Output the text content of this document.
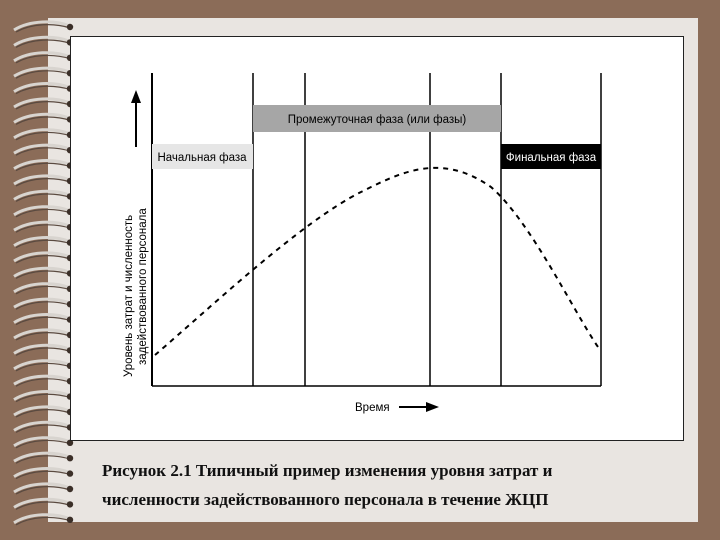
Промежуточная фаза (или фазы)
Начальная фаза	Финальная фаза
Уровень затрат и численность задействованного персонала
Время
Рисунок 2.1 Типичный пример изменения уровня затрат и
численности задействованного персонала в течение ЖЦП
